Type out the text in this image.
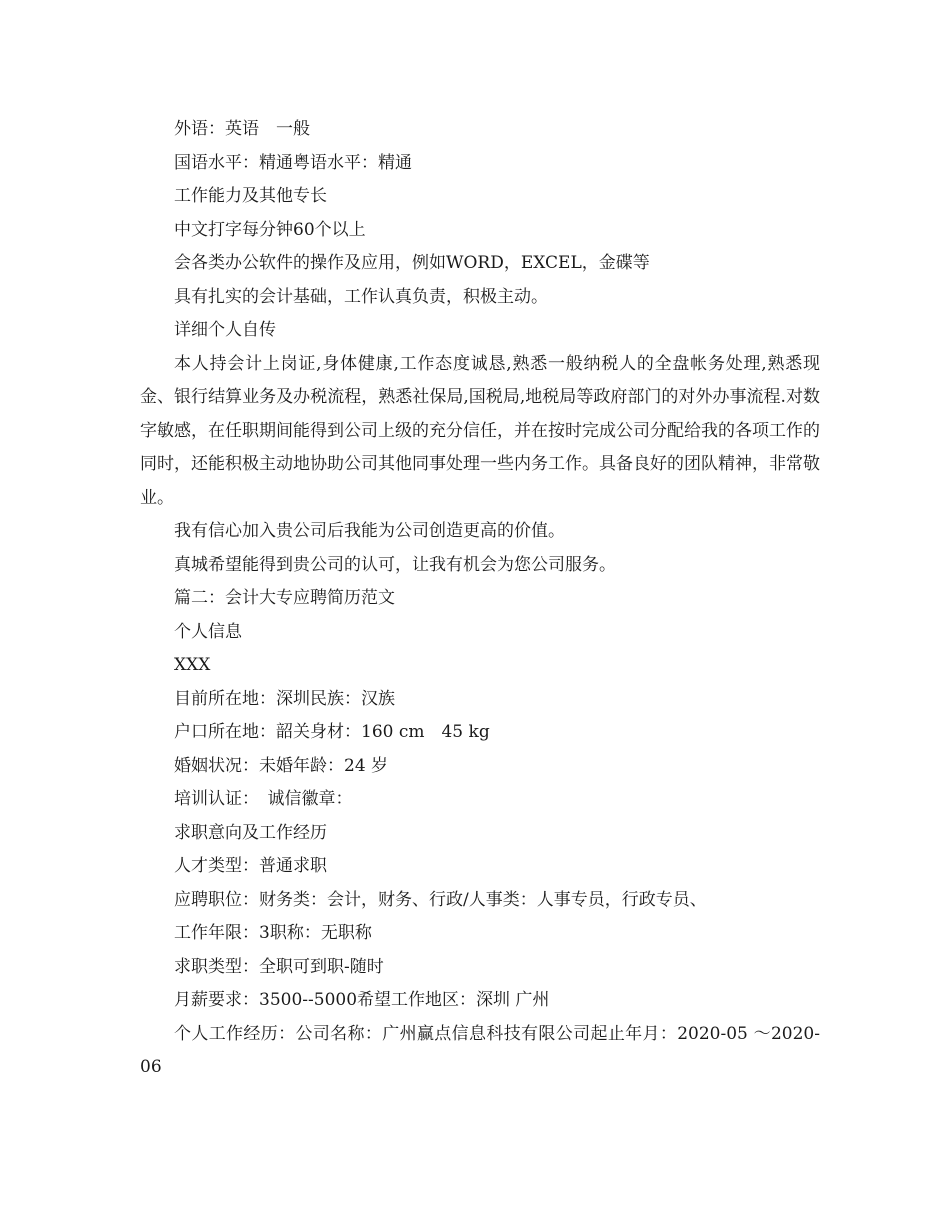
外语：英语　一般

国语水平：精通粤语水平：精通

工作能力及其他专长

中文打字每分钟60个以上

会各类办公软件的操作及应用，例如WORD，EXCEL，金碟等

具有扎实的会计基础，工作认真负责，积极主动。

详细个人自传

本人持会计上岗证,身体健康,工作态度诚恳,熟悉一般纳税人的全盘帐务处理,熟悉现金、银行结算业务及办税流程，熟悉社保局,国税局,地税局等政府部门的对外办事流程.对数字敏感，在任职期间能得到公司上级的充分信任，并在按时完成公司分配给我的各项工作的同时，还能积极主动地协助公司其他同事处理一些内务工作。具备良好的团队精神，非常敬业。

我有信心加入贵公司后我能为公司创造更高的价值。

真城希望能得到贵公司的认可，让我有机会为您公司服务。

篇二：会计大专应聘简历范文

个人信息

XXX

目前所在地：深圳民族：汉族

户口所在地：韶关身材：160 cm　45 kg

婚姻状况：未婚年龄：24 岁

培训认证：　诚信徽章：

求职意向及工作经历

人才类型：普通求职

应聘职位：财务类：会计，财务、行政/人事类：人事专员，行政专员、

工作年限：3职称：无职称

求职类型：全职可到职-随时

月薪要求：3500--5000希望工作地区：深圳 广州

个人工作经历：公司名称：广州赢点信息科技有限公司起止年月：2020-05 ～2020-06
